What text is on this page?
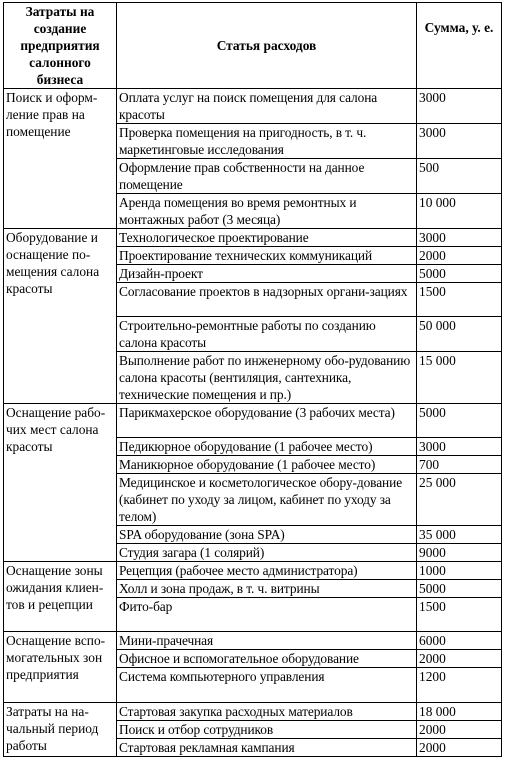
Затраты на создание предприятия салонного бизнеса	Статья расходов	Сумма, у. е.
Поиск и оформ-ление прав на помещение	Оплата услуг на поиск помещения для салона красоты	3000
	Проверка помещения на пригодность, в т. ч. маркетинговые исследования	3000
	Оформление прав собственности на данное помещение	500
	Аренда помещения во время ремонтных и монтажных работ (3 месяца)	10 000
Оборудование и оснащение по-мещения салона красоты	Технологическое проектирование	3000
	Проектирование технических коммуникаций	2000
	Дизайн-проект	5000
	Согласование проектов в надзорных органи-зациях	1500
	Строительно-ремонтные работы по созданию салона красоты	50 000
	Выполнение работ по инженерному обо-рудованию салона красоты (вентиляция, сантехника, технические помещения и пр.)	15 000
Оснащение рабо-чих мест салона красоты	Парикмахерское оборудование (3 рабочих места)	5000
	Педикюрное оборудование (1 рабочее место)	3000
	Маникюрное оборудование (1 рабочее место)	700
	Медицинское и косметологическое обору-дование (кабинет по уходу за лицом, кабинет по уходу за телом)	25 000
	SPA оборудование (зона SPA)	35 000
	Студия загара (1 солярий)	9000
Оснащение зоны ожидания клиен-тов и рецепции	Рецепция (рабочее место администратора)	1000
	Холл и зона продаж, в т. ч. витрины	5000
	Фито-бар	1500
Оснащение вспо-могательных зон предприятия	Мини-прачечная	6000
	Офисное и вспомогательное оборудование	2000
	Система компьютерного управления	1200
Затраты на на-чальный период работы	Стартовая закупка расходных материалов	18 000
	Поиск и отбор сотрудников	2000
	Стартовая рекламная кампания	2000
